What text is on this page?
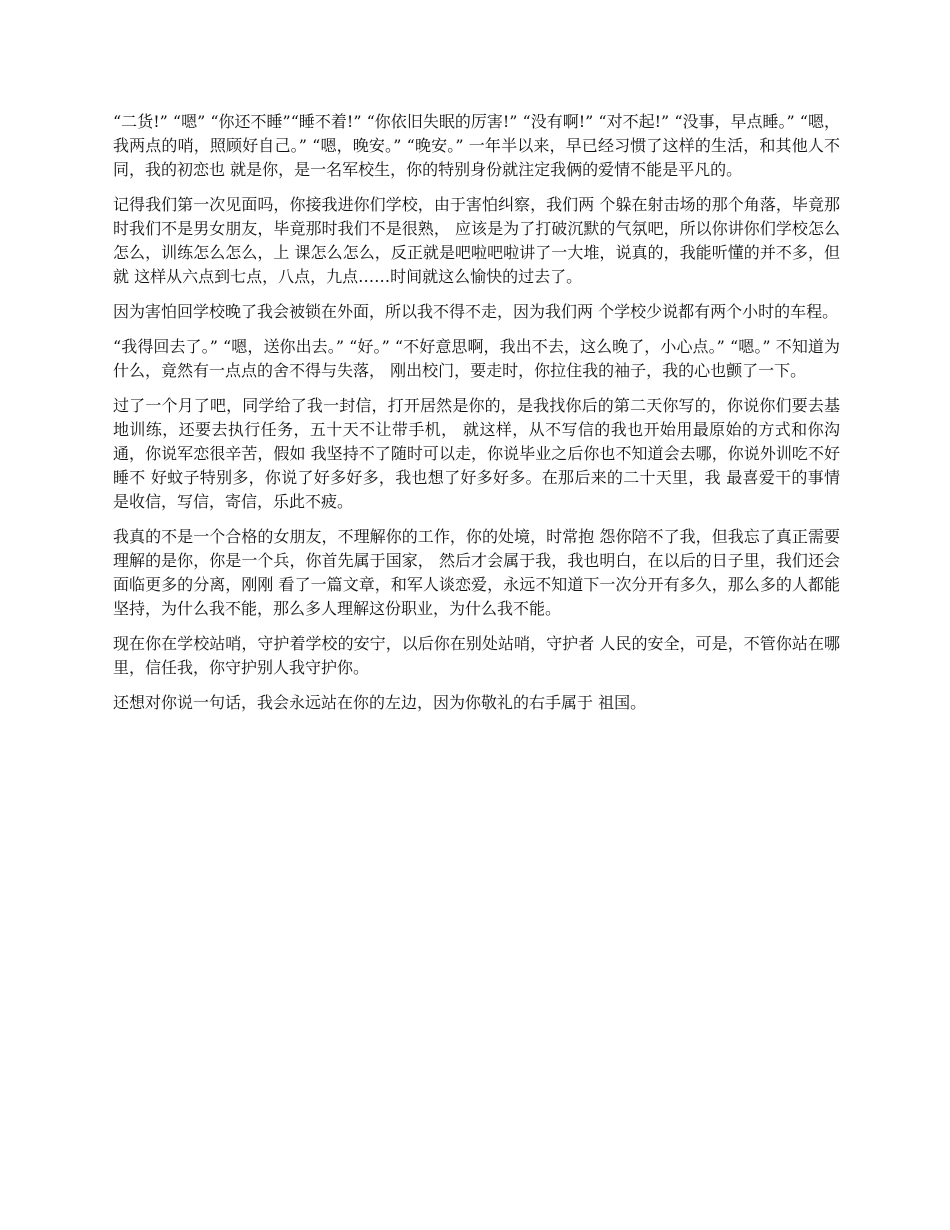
“二货!” “嗯” “你还不睡”“睡不着!” “你依旧失眠的厉害!” “没有啊!” “对不起!” “没事，早点睡。” “嗯，我两点的哨，照顾好自己。” “嗯，晚安。” “晚安。” 一年半以来，早已经习惯了这样的生活，和其他人不同，我的初恋也 就是你，是一名军校生，你的特别身份就注定我俩的爱情不能是平凡的。

记得我们第一次见面吗，你接我进你们学校，由于害怕纠察，我们两 个躲在射击场的那个角落，毕竟那时我们不是男女朋友，毕竟那时我们不是很熟， 应该是为了打破沉默的气氛吧，所以你讲你们学校怎么怎么，训练怎么怎么，上 课怎么怎么，反正就是吧啦吧啦讲了一大堆，说真的，我能听懂的并不多，但就 这样从六点到七点，八点，九点……时间就这么愉快的过去了。

因为害怕回学校晚了我会被锁在外面，所以我不得不走，因为我们两 个学校少说都有两个小时的车程。

“我得回去了。” “嗯，送你出去。” “好。” “不好意思啊，我出不去，这么晚了，小心点。” “嗯。” 不知道为什么，竟然有一点点的舍不得与失落， 刚出校门，要走时，你拉住我的袖子，我的心也颤了一下。

过了一个月了吧，同学给了我一封信，打开居然是你的，是我找你后的第二天你写的，你说你们要去基地训练，还要去执行任务，五十天不让带手机， 就这样，从不写信的我也开始用最原始的方式和你沟通，你说军恋很辛苦，假如 我坚持不了随时可以走，你说毕业之后你也不知道会去哪，你说外训吃不好睡不 好蚊子特别多，你说了好多好多，我也想了好多好多。在那后来的二十天里，我 最喜爱干的事情是收信，写信，寄信，乐此不疲。

我真的不是一个合格的女朋友，不理解你的工作，你的处境，时常抱 怨你陪不了我，但我忘了真正需要理解的是你，你是一个兵，你首先属于国家， 然后才会属于我，我也明白，在以后的日子里，我们还会面临更多的分离，刚刚 看了一篇文章，和军人谈恋爱，永远不知道下一次分开有多久，那么多的人都能 坚持，为什么我不能，那么多人理解这份职业，为什么我不能。

现在你在学校站哨，守护着学校的安宁，以后你在别处站哨，守护者 人民的安全，可是，不管你站在哪里，信任我，你守护别人我守护你。

还想对你说一句话，我会永远站在你的左边，因为你敬礼的右手属于 祖国。
